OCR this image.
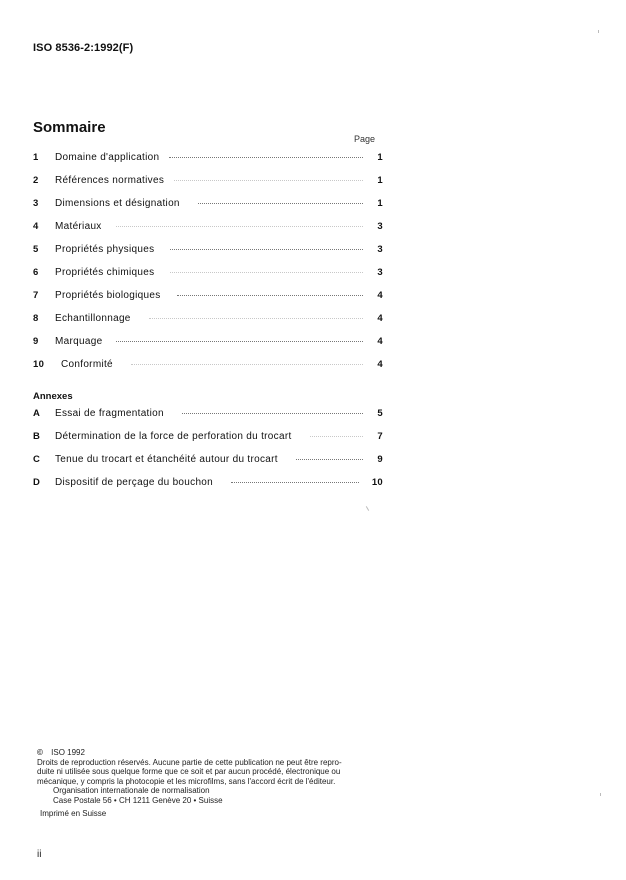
ISO 8536-2:1992(F)
Sommaire
Page
1	Domaine d'application	1
2	Références normatives	1
3	Dimensions et désignation	1
4	Matériaux	3
5	Propriétés physiques	3
6	Propriétés chimiques	3
7	Propriétés biologiques	4
8	Echantillonnage	4
9	Marquage	4
10	Conformité	4
Annexes
A	Essai de fragmentation	5
B	Détermination de la force de perforation du trocart	7
C	Tenue du trocart et étanchéité autour du trocart	9
D	Dispositif de perçage du bouchon	10
© ISO 1992
Droits de reproduction réservés. Aucune partie de cette publication ne peut être repro-
duite ni utilisée sous quelque forme que ce soit et par aucun procédé, électronique ou
mécanique, y compris la photocopie et les microfilms, sans l'accord écrit de l'éditeur.
Organisation internationale de normalisation
Case Postale 56 • CH 1211 Genève 20 • Suisse
Imprimé en Suisse
ii
